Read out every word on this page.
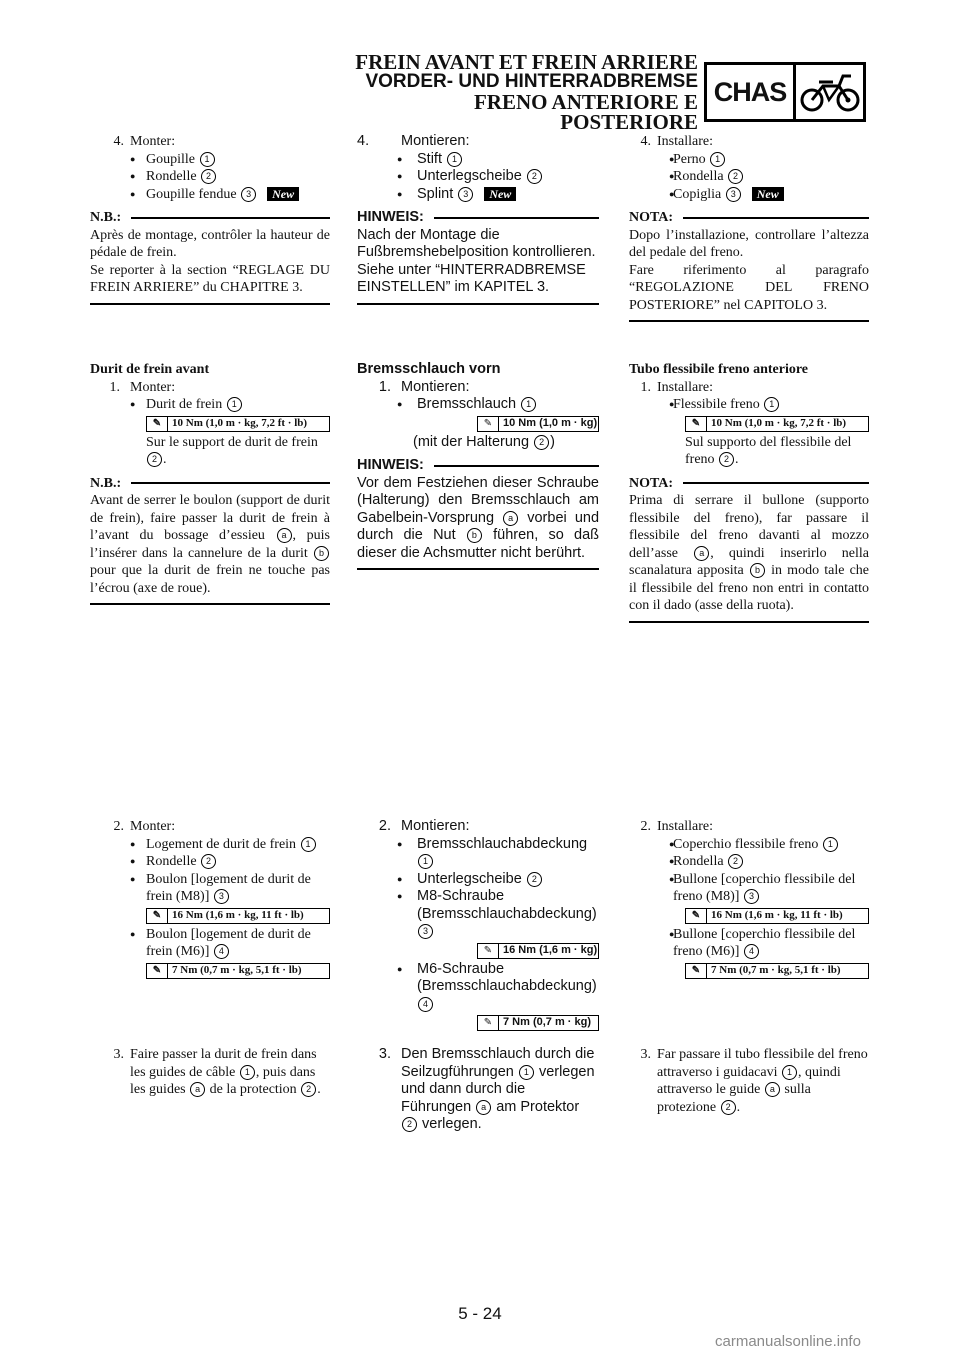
FREIN AVANT ET FREIN ARRIERE
VORDER- UND HINTERRADBREMSE
FRENO ANTERIORE E POSTERIORE
CHAS
4. Monter:
● Goupille 1
● Rondelle 2
● Goupille fendue 3 New
N.B.:
Après de montage, contrôler la hauteur de pédale de frein.
Se reporter à la section “REGLAGE DU FREIN ARRIERE” du CHAPITRE 3.
Durit de frein avant
1. Monter:
● Durit de frein 1
✎ 10 Nm (1,0 m · kg, 7,2 ft · lb)
Sur le support de durit de frein 2 .
N.B.:
Avant de serrer le boulon (support de durit de frein), faire passer la durit de frein à l’avant du bossage d’essieu a , puis l’insérer dans la cannelure de la durit b pour que la durit de frein ne touche pas l’écrou (axe de roue).
2. Monter:
● Logement de durit de frein 1
● Rondelle 2
● Boulon [logement de durit de frein (M8)] 3
✎ 16 Nm (1,6 m · kg, 11 ft · lb)
● Boulon [logement de durit de frein (M6)] 4
✎ 7 Nm (0,7 m · kg, 5,1 ft · lb)
3. Faire passer la durit de frein dans les guides de câble 1 , puis dans les guides a de la protection 2 .
4. Montieren:
● Stift 1
● Unterlegscheibe 2
● Splint 3 New
HINWEIS:
Nach der Montage die Fußbremshebelposition kontrollieren.
Siehe unter “HINTERRADBREMSE EINSTELLEN” im KAPITEL 3.
Bremsschlauch vorn
1. Montieren:
● Bremsschlauch 1
✎ 10 Nm (1,0 m · kg)
(mit der Halterung 2 )
HINWEIS:
Vor dem Festziehen dieser Schraube (Halterung) den Bremsschlauch am Gabelbein-Vorsprung a vorbei und durch die Nut b führen, so daß dieser die Achsmutter nicht berührt.
2. Montieren:
● Bremsschlauchabdeckung 1
● Unterlegscheibe 2
● M8-Schraube (Bremsschlauchabdeckung) 3
✎ 16 Nm (1,6 m · kg)
● M6-Schraube (Bremsschlauchabdeckung) 4
✎ 7 Nm (0,7 m · kg)
3. Den Bremsschlauch durch die Seilzugführungen 1 verlegen und dann durch die Führungen a am Protektor 2 verlegen.
4. Installare:
● Perno 1
● Rondella 2
● Copiglia 3 New
NOTA:
Dopo l’installazione, controllare l’altezza del pedale del freno.
Fare riferimento al paragrafo “REGOLAZIONE DEL FRENO POSTERIORE” nel CAPITOLO 3.
Tubo flessibile freno anteriore
1. Installare:
● Flessibile freno 1
✎ 10 Nm (1,0 m · kg, 7,2 ft · lb)
Sul supporto del flessibile del freno 2 .
NOTA:
Prima di serrare il bullone (supporto flessibile del freno), far passare il flessibile del freno davanti al mozzo dell’asse a , quindi inserirlo nella scanalatura apposita b in modo tale che il flessibile del freno non entri in contatto con il dado (asse della ruota).
2. Installare:
● Coperchio flessibile freno 1
● Rondella 2
● Bullone [coperchio flessibile del freno (M8)] 3
✎ 16 Nm (1,6 m · kg, 11 ft · lb)
● Bullone [coperchio flessibile del freno (M6)] 4
✎ 7 Nm (0,7 m · kg, 5,1 ft · lb)
3. Far passare il tubo flessibile del freno attraverso i guidacavi 1 , quindi attraverso le guide a sulla protezione 2 .
5 - 24
carmanualsonline.info
